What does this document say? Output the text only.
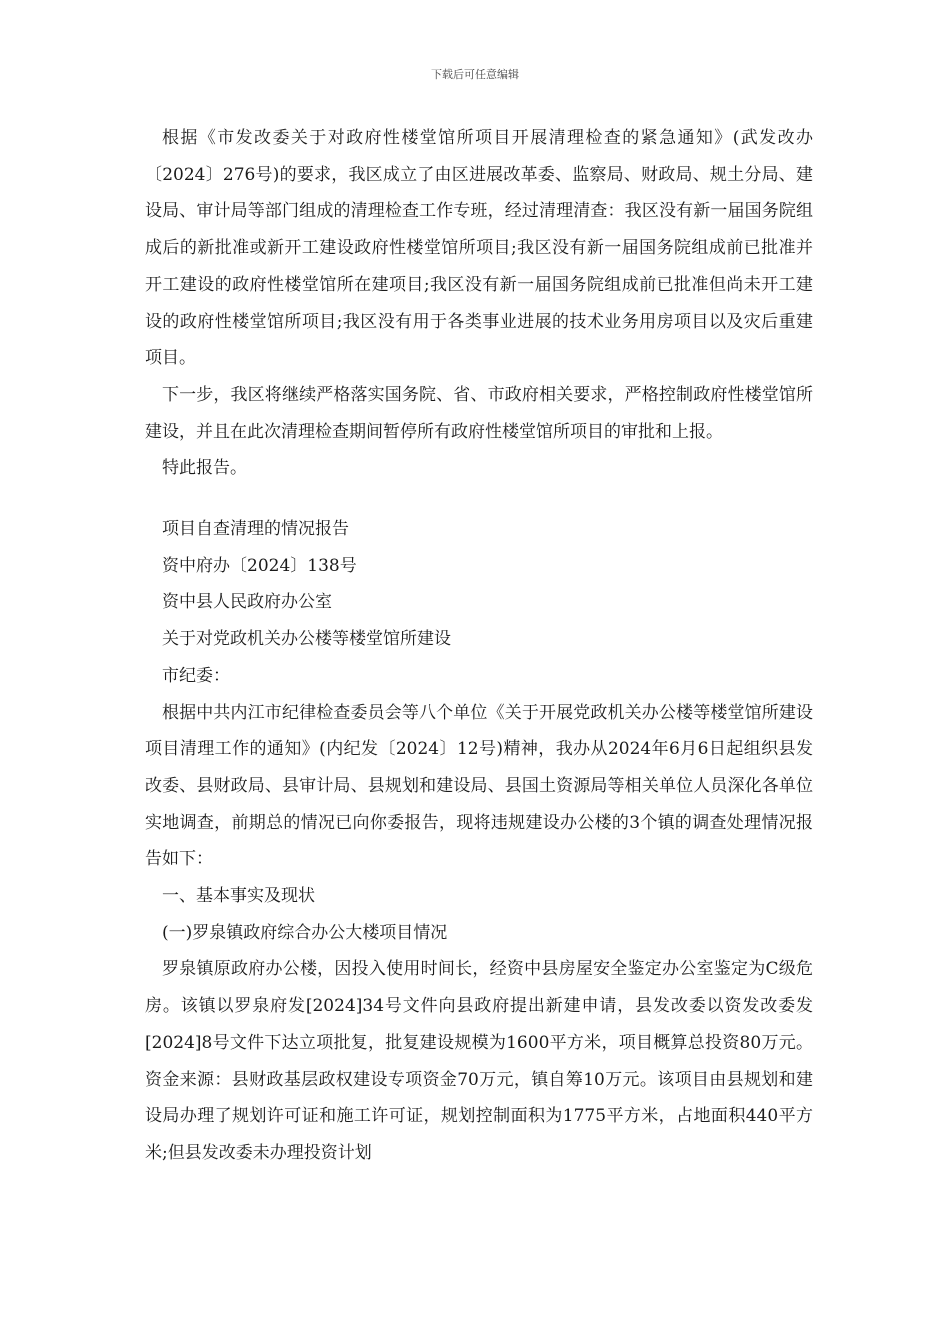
下载后可任意编辑

根据《市发改委关于对政府性楼堂馆所项目开展清理检查的紧急通知》(武发改办〔2024〕276号)的要求，我区成立了由区进展改革委、监察局、财政局、规土分局、建设局、审计局等部门组成的清理检查工作专班，经过清理清查：我区没有新一届国务院组成后的新批准或新开工建设政府性楼堂馆所项目;我区没有新一届国务院组成前已批准并开工建设的政府性楼堂馆所在建项目;我区没有新一届国务院组成前已批准但尚未开工建设的政府性楼堂馆所项目;我区没有用于各类事业进展的技术业务用房项目以及灾后重建项目。

下一步，我区将继续严格落实国务院、省、市政府相关要求，严格控制政府性楼堂馆所建设，并且在此次清理检查期间暂停所有政府性楼堂馆所项目的审批和上报。

特此报告。

项目自查清理的情况报告

资中府办〔2024〕138号

资中县人民政府办公室

关于对党政机关办公楼等楼堂馆所建设

市纪委：

根据中共内江市纪律检查委员会等八个单位《关于开展党政机关办公楼等楼堂馆所建设项目清理工作的通知》(内纪发〔2024〕12号)精神，我办从2024年6月6日起组织县发改委、县财政局、县审计局、县规划和建设局、县国土资源局等相关单位人员深化各单位实地调查，前期总的情况已向你委报告，现将违规建设办公楼的3个镇的调查处理情况报告如下：

一、基本事实及现状

(一)罗泉镇政府综合办公大楼项目情况

罗泉镇原政府办公楼，因投入使用时间长，经资中县房屋安全鉴定办公室鉴定为C级危房。该镇以罗泉府发[2024]34号文件向县政府提出新建申请，县发改委以资发改委发[2024]8号文件下达立项批复，批复建设规模为1600平方米，项目概算总投资80万元。资金来源：县财政基层政权建设专项资金70万元，镇自筹10万元。该项目由县规划和建设局办理了规划许可证和施工许可证，规划控制面积为1775平方米，占地面积440平方米;但县发改委未办理投资计划
